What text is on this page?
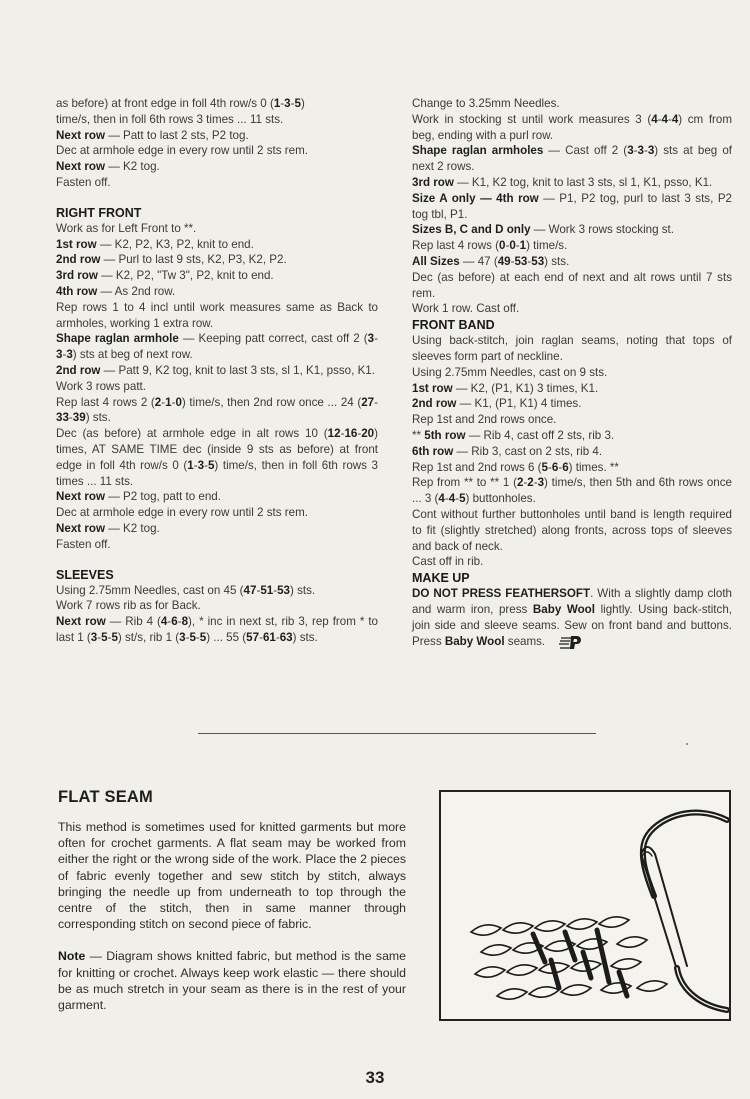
as before) at front edge in foll 4th row/s 0 (1-3-5)

time/s, then in foll 6th rows 3 times ... 11 sts.

Next row — Patt to last 2 sts, P2 tog.

Dec at armhole edge in every row until 2 sts rem.

Next row — K2 tog.

Fasten off.

RIGHT FRONT

Work as for Left Front to **.

1st row — K2, P2, K3, P2, knit to end.

2nd row — Purl to last 9 sts, K2, P3, K2, P2.

3rd row — K2, P2, "Tw 3", P2, knit to end.

4th row — As 2nd row.

Rep rows 1 to 4 incl until work measures same as Back to armholes, working 1 extra row.

Shape raglan armhole — Keeping patt correct, cast off 2 (3-3-3) sts at beg of next row.

2nd row — Patt 9, K2 tog, knit to last 3 sts, sl 1, K1, psso, K1.

Work 3 rows patt.

Rep last 4 rows 2 (2-1-0) time/s, then 2nd row once ... 24 (27-33-39) sts.

Dec (as before) at armhole edge in alt rows 10 (12-16-20) times, AT SAME TIME dec (inside 9 sts as before) at front edge in foll 4th row/s 0 (1-3-5) time/s, then in foll 6th rows 3 times ... 11 sts.

Next row — P2 tog, patt to end.

Dec at armhole edge in every row until 2 sts rem.

Next row — K2 tog.

Fasten off.

SLEEVES

Using 2.75mm Needles, cast on 45 (47-51-53) sts.

Work 7 rows rib as for Back.

Next row — Rib 4 (4-6-8), * inc in next st, rib 3, rep from * to last 1 (3-5-5) st/s, rib 1 (3-5-5) ... 55 (57-61-63) sts.

Change to 3.25mm Needles.

Work in stocking st until work measures 3 (4-4-4) cm from beg, ending with a purl row.

Shape raglan armholes — Cast off 2 (3-3-3) sts at beg of next 2 rows.

3rd row — K1, K2 tog, knit to last 3 sts, sl 1, K1, psso, K1.

Size A only — 4th row — P1, P2 tog, purl to last 3 sts, P2 tog tbl, P1.

Sizes B, C and D only — Work 3 rows stocking st.

Rep last 4 rows (0-0-1) time/s.

All Sizes — 47 (49-53-53) sts.

Dec (as before) at each end of next and alt rows until 7 sts rem.

Work 1 row. Cast off.

FRONT BAND

Using back-stitch, join raglan seams, noting that tops of sleeves form part of neckline.

Using 2.75mm Needles, cast on 9 sts.

1st row — K2, (P1, K1) 3 times, K1.

2nd row — K1, (P1, K1) 4 times.

Rep 1st and 2nd rows once.

** 5th row — Rib 4, cast off 2 sts, rib 3.

6th row — Rib 3, cast on 2 sts, rib 4.

Rep 1st and 2nd rows 6 (5-6-6) times. **

Rep from ** to ** 1 (2-2-3) time/s, then 5th and 6th rows once ... 3 (4-4-5) buttonholes.

Cont without further buttonholes until band is length required to fit (slightly stretched) along fronts, across tops of sleeves and back of neck.

Cast off in rib.

MAKE UP

DO NOT PRESS FEATHERSOFT. With a slightly damp cloth and warm iron, press Baby Wool lightly. Using back-stitch, join side and sleeve seams. Sew on front band and buttons. Press Baby Wool seams.

FLAT SEAM

This method is sometimes used for knitted garments but more often for crochet garments. A flat seam may be worked from either the right or the wrong side of the work. Place the 2 pieces of fabric evenly together and sew stitch by stitch, always bringing the needle up from underneath to top through the centre of the stitch, then in same manner through corresponding stitch on second piece of fabric.

Note — Diagram shows knitted fabric, but method is the same for knitting or crochet. Always keep work elastic — there should be as much stretch in your seam as there is in the rest of your garment.

33
